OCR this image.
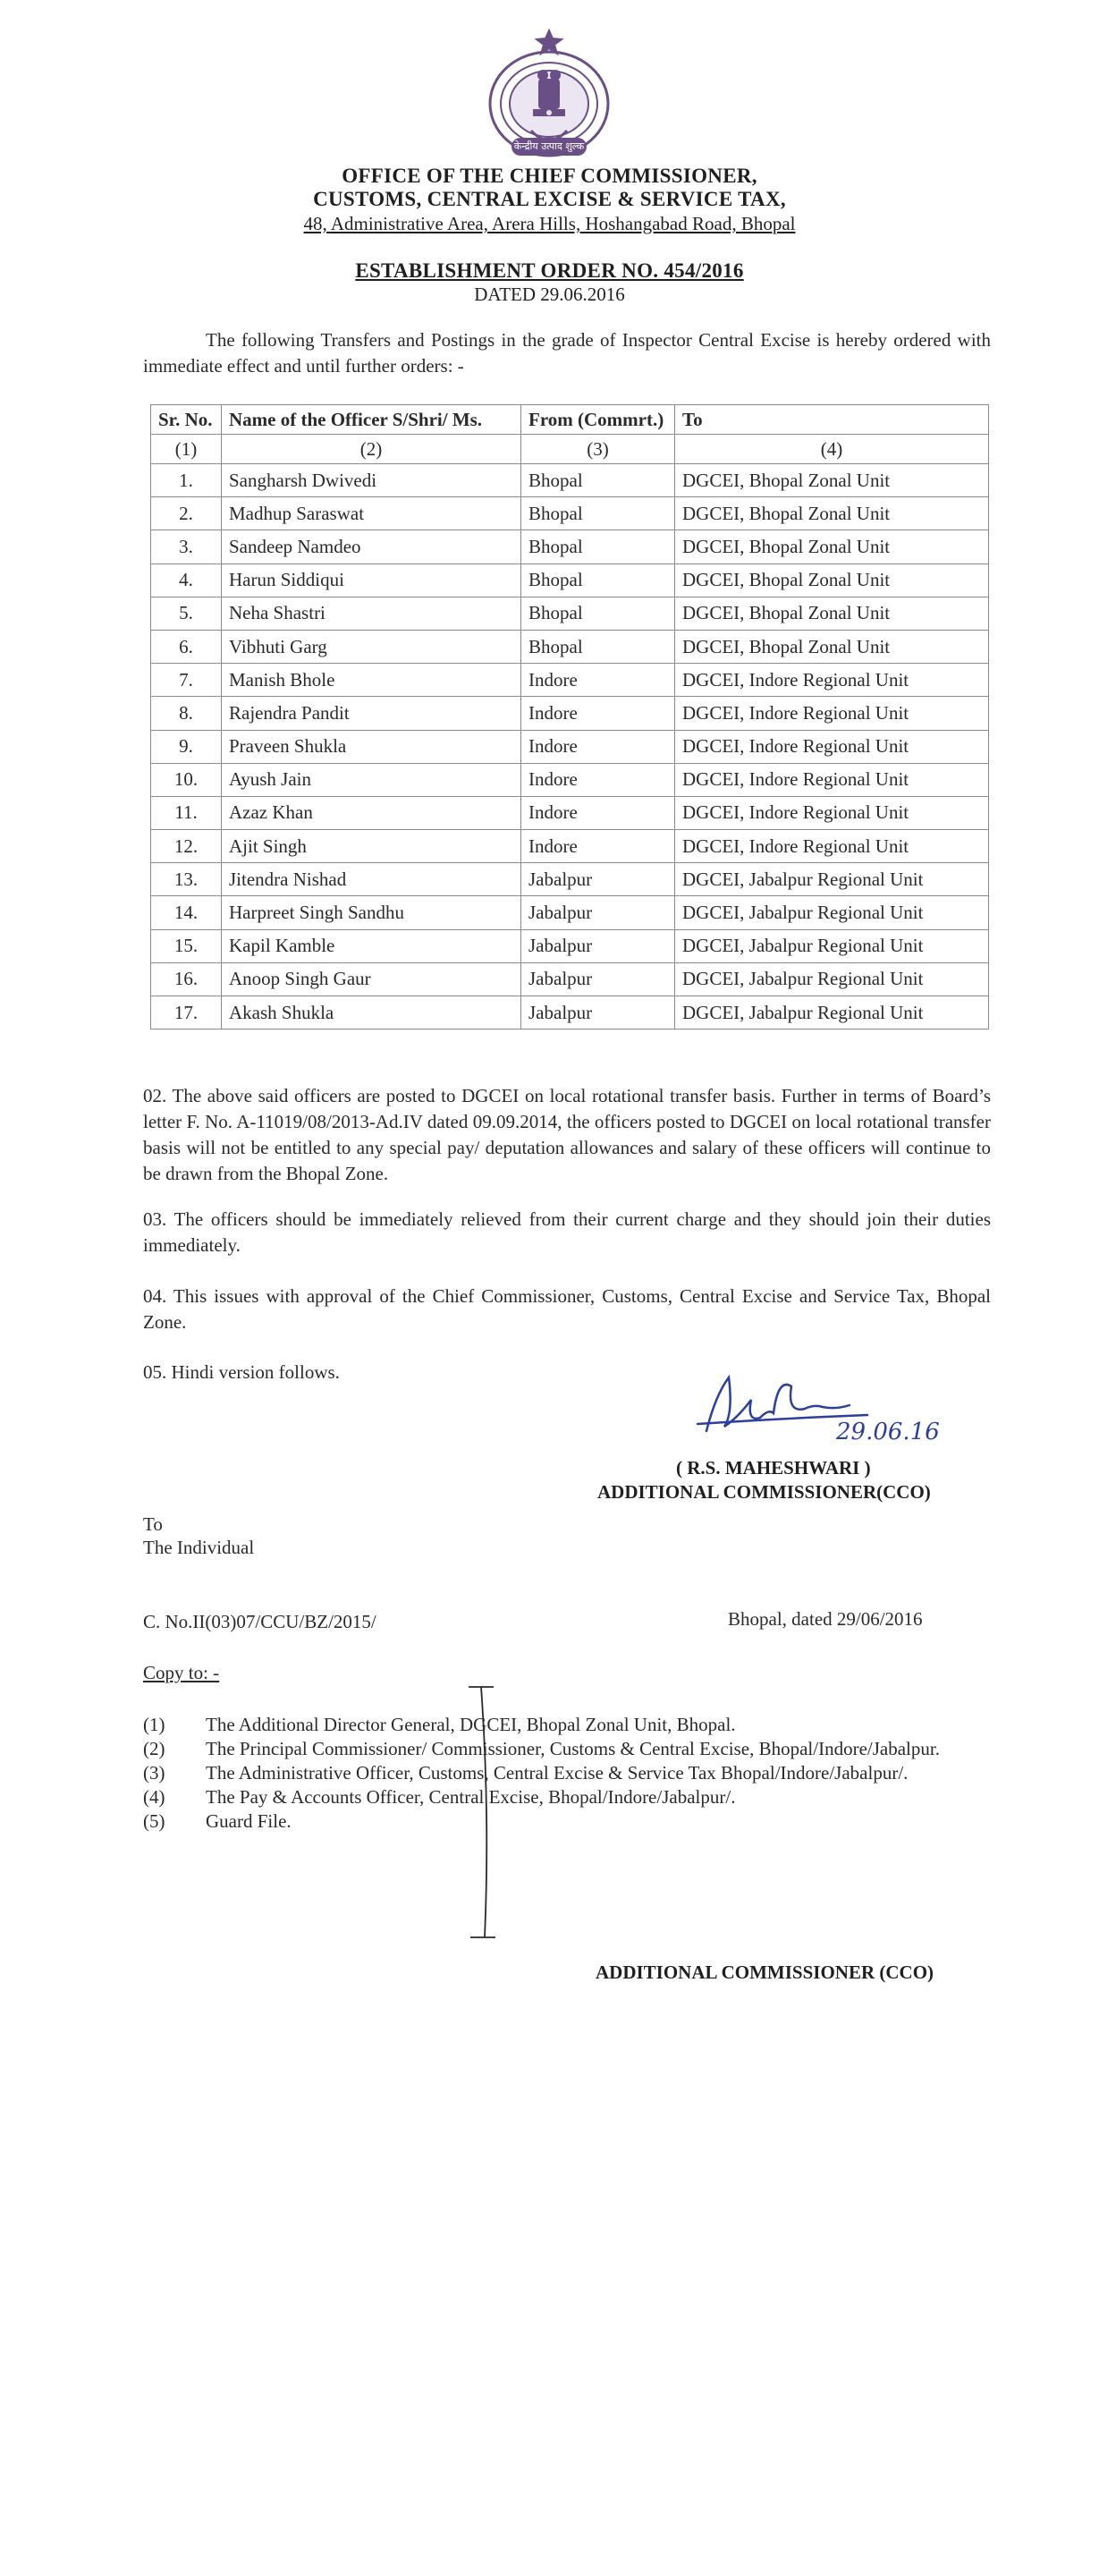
केन्द्रीय उत्पाद शुल्क
OFFICE OF THE CHIEF COMMISSIONER,
CUSTOMS, CENTRAL EXCISE & SERVICE TAX,
48, Administrative Area, Arera Hills, Hoshangabad Road, Bhopal
ESTABLISHMENT ORDER NO. 454/2016
DATED 29.06.2016
The following Transfers and Postings in the grade of Inspector Central Excise is hereby ordered with immediate effect and until further orders: -
Sr. No.	Name of the Officer S/Shri/ Ms.	From (Commrt.)	To
(1)	(2)	(3)	(4)
1.	Sangharsh Dwivedi	Bhopal	DGCEI, Bhopal Zonal Unit
2.	Madhup Saraswat	Bhopal	DGCEI, Bhopal Zonal Unit
3.	Sandeep Namdeo	Bhopal	DGCEI, Bhopal Zonal Unit
4.	Harun Siddiqui	Bhopal	DGCEI, Bhopal Zonal Unit
5.	Neha Shastri	Bhopal	DGCEI, Bhopal Zonal Unit
6.	Vibhuti Garg	Bhopal	DGCEI, Bhopal Zonal Unit
7.	Manish Bhole	Indore	DGCEI, Indore Regional Unit
8.	Rajendra Pandit	Indore	DGCEI, Indore Regional Unit
9.	Praveen Shukla	Indore	DGCEI, Indore Regional Unit
10.	Ayush Jain	Indore	DGCEI, Indore Regional Unit
11.	Azaz Khan	Indore	DGCEI, Indore Regional Unit
12.	Ajit Singh	Indore	DGCEI, Indore Regional Unit
13.	Jitendra Nishad	Jabalpur	DGCEI, Jabalpur Regional Unit
14.	Harpreet Singh Sandhu	Jabalpur	DGCEI, Jabalpur Regional Unit
15.	Kapil Kamble	Jabalpur	DGCEI, Jabalpur Regional Unit
16.	Anoop Singh Gaur	Jabalpur	DGCEI, Jabalpur Regional Unit
17.	Akash Shukla	Jabalpur	DGCEI, Jabalpur Regional Unit
02. The above said officers are posted to DGCEI on local rotational transfer basis. Further in terms of Board’s letter F. No. A-11019/08/2013-Ad.IV dated 09.09.2014, the officers posted to DGCEI on local rotational transfer basis will not be entitled to any special pay/ deputation allowances and salary of these officers will continue to be drawn from the Bhopal Zone.
03. The officers should be immediately relieved from their current charge and they should join their duties immediately.
04. This issues with approval of the Chief Commissioner, Customs, Central Excise and Service Tax, Bhopal Zone.
05. Hindi version follows.
29.06.16
( R.S. MAHESHWARI )
ADDITIONAL COMMISSIONER(CCO)
To
The Individual
C. No.II(03)07/CCU/BZ/2015/	Bhopal, dated 29/06/2016
Copy to: -
(1)	The Additional Director General, DGCEI, Bhopal Zonal Unit, Bhopal.
(2)	The Principal Commissioner/ Commissioner, Customs & Central Excise, Bhopal/Indore/Jabalpur.
(3)	The Administrative Officer, Customs, Central Excise & Service Tax Bhopal/Indore/Jabalpur/.
(4)	The Pay & Accounts Officer, Central Excise, Bhopal/Indore/Jabalpur/.
(5)	Guard File.
ADDITIONAL COMMISSIONER (CCO)
